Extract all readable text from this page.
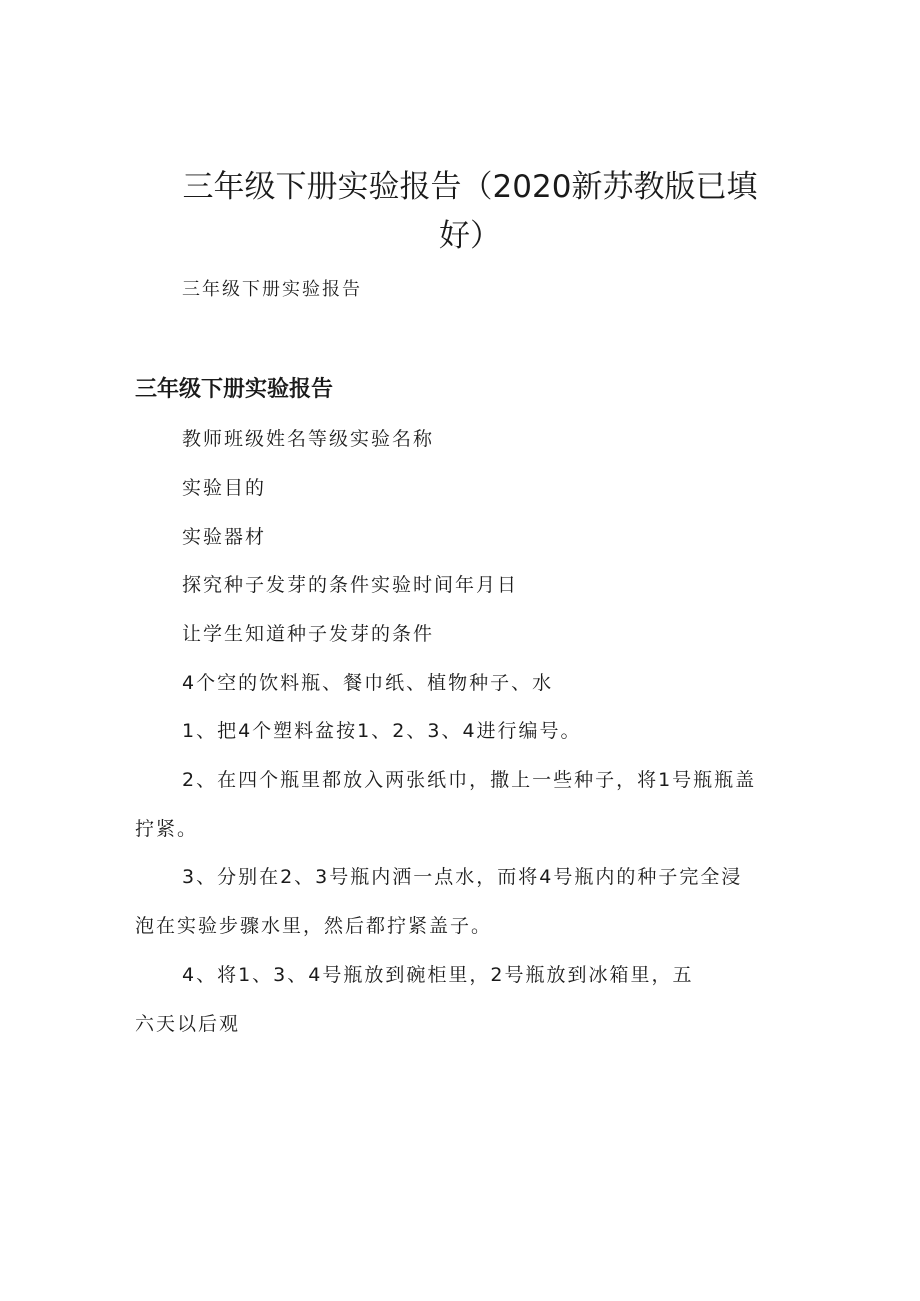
三年级下册实验报告（2020新苏教版已填
好）

三年级下册实验报告

三年级下册实验报告

教师班级姓名等级实验名称

实验目的

实验器材

探究种子发芽的条件实验时间年月日

让学生知道种子发芽的条件

4个空的饮料瓶、餐巾纸、植物种子、水

1、把4个塑料盆按1、2、3、4进行编号。

2、在四个瓶里都放入两张纸巾，撒上一些种子，将1号瓶瓶盖

拧紧。

3、分别在2、3号瓶内洒一点水，而将4号瓶内的种子完全浸

泡在实验步骤水里，然后都拧紧盖子。

4、将1、3、4号瓶放到碗柜里，2号瓶放到冰箱里，五

六天以后观
